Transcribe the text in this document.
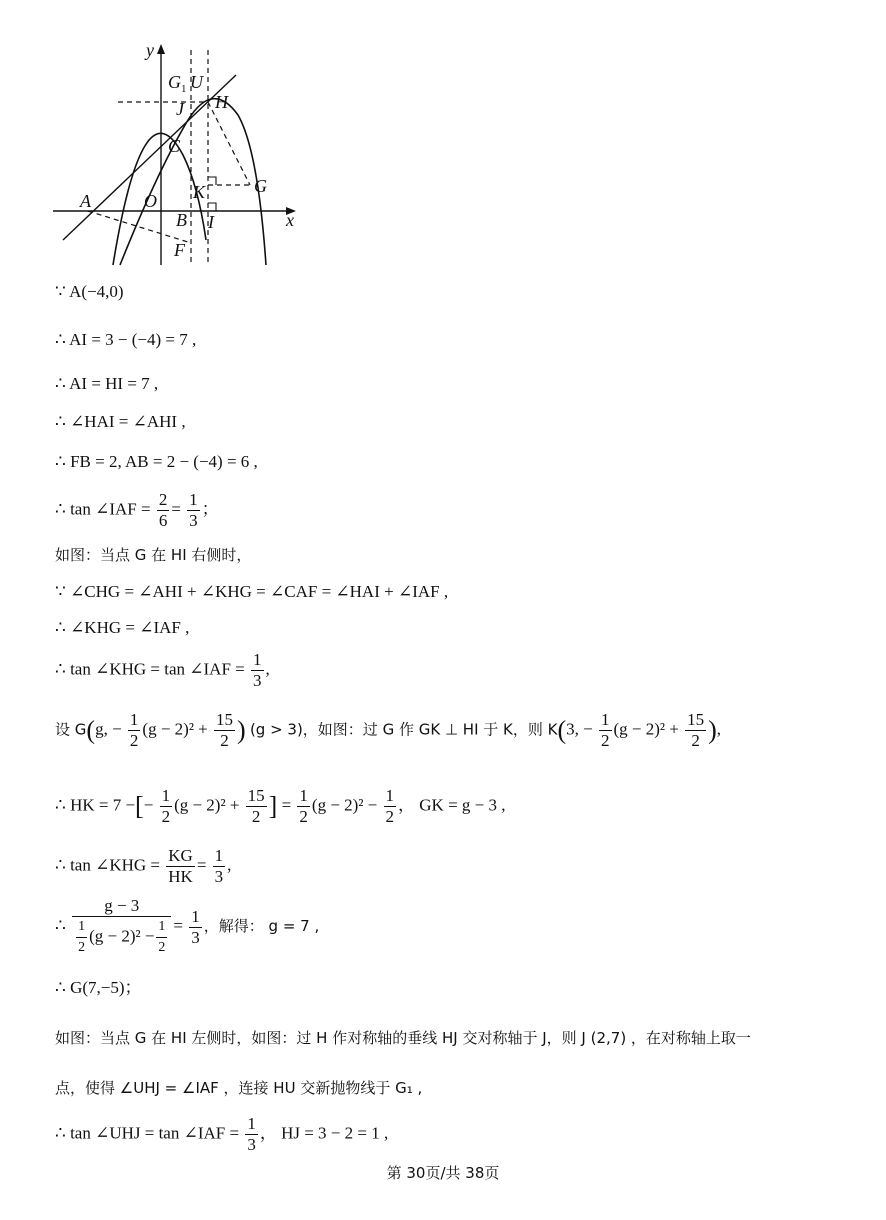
y
x
G 1 U
H
J
C
K	G
A	O
B I
F
∵ A(−4,0)
∴ AI = 3 − (−4) = 7 ,
∴ AI = HI = 7 ,
∴ ∠HAI = ∠AHI ,
∴ FB = 2, AB = 2 − (−4) = 6 ,
∴ tan ∠IAF = $\frac{2}{6} = \frac{1}{3}$ ；
如图：当点 G 在 HI 右侧时，
∵ ∠CHG = ∠AHI + ∠KHG = ∠CAF = ∠HAI + ∠IAF ,
∴ ∠KHG = ∠IAF ,
∴ tan ∠KHG = tan ∠IAF = $\frac{1}{3}$ ,
设 G(g, − $\frac{1}{2} (g - 2)^2 + \frac{15}{2}$ ) (g > 3)，如图：过 G 作 GK ⊥ HI 于 K，则 K(3, − $\frac{1}{2} (g - 2)^2 + \frac{15}{2}$ ),
∴ HK = 7 −[− $\frac{1}{2} (g - 2)^2 + \frac{15}{2}$ ] = $\frac{1}{2} (g - 2)^2 - \frac{1}{2}$ ， GK = g − 3 ,
∴ tan ∠KHG = $\frac{KG}{HK} = \frac{1}{3}$ ,
∴ $\frac{g - 3}{\frac{1}{2} (g - 2)^2 - \frac{1}{2}} = \frac{1}{3}$ ，解得： g = 7 ,
∴ G(7,−5)；
如图：当点 G 在 HI 左侧时，如图：过 H 作对称轴的垂线 HJ 交对称轴于 J，则 J (2,7) ，在对称轴上取一
点，使得 ∠UHJ = ∠IAF ，连接 HU 交新抛物线于 G₁ ,
∴ tan ∠UHJ = tan ∠IAF = $\frac{1}{3}$ ， HJ = 3 − 2 = 1 ,
第 30页/共 38页
